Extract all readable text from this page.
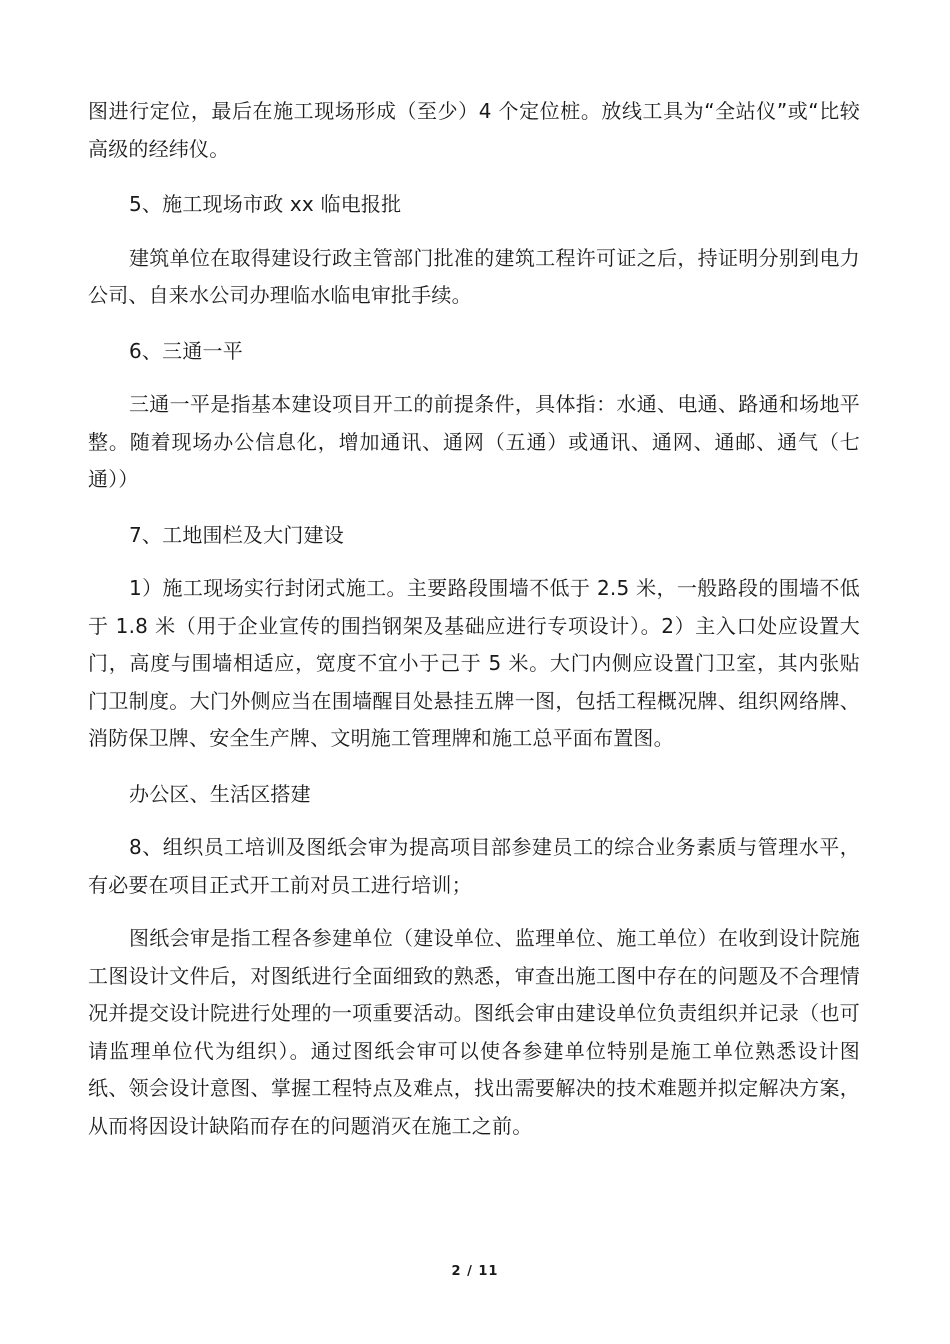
图进行定位，最后在施工现场形成（至少）4 个定位桩。放线工具为“全站仪”或“比较高级的经纬仪。

5、施工现场市政 xx 临电报批

建筑单位在取得建设行政主管部门批准的建筑工程许可证之后，持证明分别到电力公司、自来水公司办理临水临电审批手续。

6、三通一平

三通一平是指基本建设项目开工的前提条件，具体指：水通、电通、路通和场地平整。随着现场办公信息化，增加通讯、通网（五通）或通讯、通网、通邮、通气（七通））

7、工地围栏及大门建设

1）施工现场实行封闭式施工。主要路段围墙不低于 2.5 米，一般路段的围墙不低于 1.8 米（用于企业宣传的围挡钢架及基础应进行专项设计）。2）主入口处应设置大门，高度与围墙相适应，宽度不宜小于己于 5 米。大门内侧应设置门卫室，其内张贴门卫制度。大门外侧应当在围墙醒目处悬挂五牌一图，包括工程概况牌、组织网络牌、消防保卫牌、安全生产牌、文明施工管理牌和施工总平面布置图。

办公区、生活区搭建

8、组织员工培训及图纸会审为提高项目部参建员工的综合业务素质与管理水平，有必要在项目正式开工前对员工进行培训；

图纸会审是指工程各参建单位（建设单位、监理单位、施工单位）在收到设计院施工图设计文件后，对图纸进行全面细致的熟悉，审查出施工图中存在的问题及不合理情况并提交设计院进行处理的一项重要活动。图纸会审由建设单位负责组织并记录（也可请监理单位代为组织）。通过图纸会审可以使各参建单位特别是施工单位熟悉设计图纸、领会设计意图、掌握工程特点及难点，找出需要解决的技术难题并拟定解决方案，从而将因设计缺陷而存在的问题消灭在施工之前。

2 / 11
